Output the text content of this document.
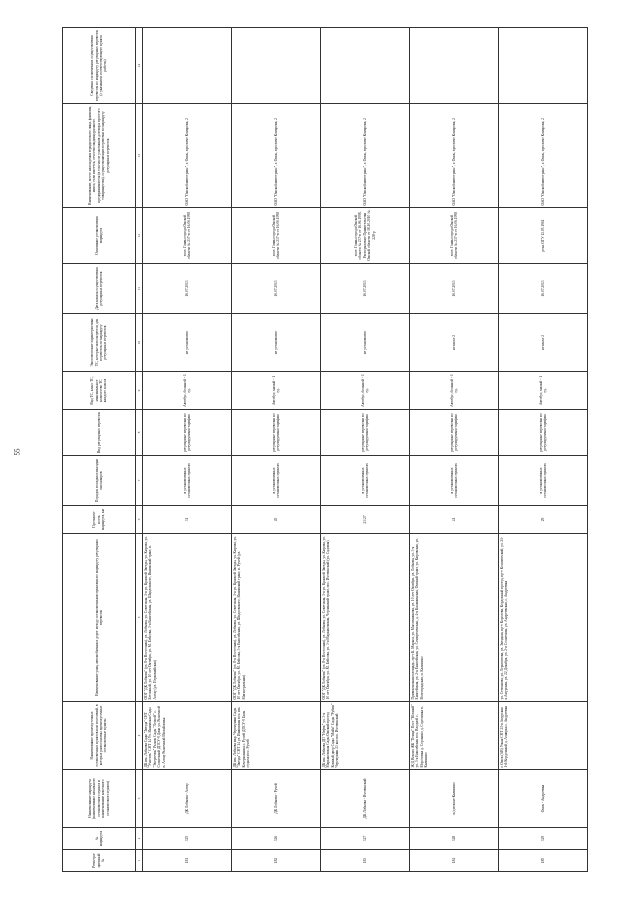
55
Регистра-ционный №	№ маршрута	Наименование маршрута (наименование начального остановочного пункта и наименование конечного остановочного пункта)	Наименование промежуточных остановочных пунктов или поселений, в которых расположены промежуточные остановочные пункты	Наименование улиц, автомобильных дорог между остановочными пунктами по маршруту регулярных перевозок	Протяжен-ность маршрута, км	Порядок посадки и высадки пассажиров	Вид регулярных перевозок	Вид ТС, класс ТС, максимальное количество ТС каждого класса	Экологические характеристики ТС, которые используются для перевозок по маршруту регулярных перевозок	Дата начала осуществления регулярных перевозок	Основание установления маршрута	Наименование, место нахождения юридического лица, фамилия, имя и, если имеется, отчество индивидуального предпринимателя (в том числе участников договора простого товарищества), осуществляющих перевозки по маршруту регулярных перевозок	Сведения о изменениях осуществления перевозок по маршруту регулярных перевозок (с указанием соответствующего пункта работы)
1	2	3	4	5	6	7	8	9	10	11	12	13	14
181	325	ДК Лобкова - Алтау	ДК им. Лобкова Сады "Звезда" СНТ "Учитель" СНТ 14 Ул. Ишимская Сады "Энергетик" Рынок Сады "Лесной" с. Солнечный ДПСУ-9 Дачи ул. Рыночной п. Алтау Рыночный Михайловка	ООГ "ДК Лобкова" (ул. 8-я Восточная), ул. Лобкова, ул. Советская, 1-я ул. Красной Звезды, ул. Кирова, ул. Бетонный, ул. 10 лет Октября, ул. М. Бейсова, 3-я Енисейская, ул. Шидловского, Ишимский тракт, п. Алтау (ул. Первомайская)	31	в установленных остановочных пунктах	регулярные перевозки по регулируемым тарифам	Автобус, большой - 1 ед.	не установлено	16.07.2013	пост. Главы города Омской области № 237-п от 16.06.1998	ОАО "Омскоблавтотранс", г. Омск, проспект Комарова, 2	
182	326	ДК Лобкова - Ручей	ДК им. Лобкова мкр. Черемушки Сады "Звезда" СНТ 14 ул. Ишимская пос. им. Кочерыжкина с. Ручей ДПСУ-9 Базы отдыха пос. Ручей	ООГ "ДК Лобкова" (ул. 8-я Восточная), ул. Лобкова, ул. Советская, 1-я ул. Красной Звезды, ул. Кирова, ул. 10 лет Октября, ул. М. Бейсова, 3-я Енисейская, ул. Шидловского, Ишимский тракт, п. Ручей (ул. Магистральная)	45	в установленных остановочных пунктах	регулярные перевозки по регулируемым тарифам	Автобус, малый - 1 ед.	не установлено	16.07.2013	пост. Главы города Омской области № 237-п от 16.06.1998	ОАО "Омскоблавтотранс", г. Омск, проспект Комарова, 2	
183	327	ДК Лобкова - Ичтеинский	ДК им. Лобкова ДП "Нефть" ул. 3-я Марьяновская Сады Омский проезд Конный двор Сады "Майя" Сады "Рубин" Черемушки 23 км пос. Ичтеинский	ООГ "ДК Лобкова" (ул. 8-я Восточная), ул. Лобкова, ул. Советская, 1-я ул. Красной Звезды, ул. Кирова, ул. 10 лет Октября, ул. М. Бейсова, ул. 3-я Марьяновская, Черлакский тракт, пос. Ичтеинский (ул. Садовая)	23/27	в установленных остановочных пунктах	регулярные перевозки по регулируемым тарифам	Автобус, большой - 1 ед.	не установлено	16.07.2013	пост. Главы города Омской области № 237-п от 16.06.1998, Распоряжение Правительства Омской области от 18.10.2010 № 228-р	ОАО "Омскоблавтотранс", г. Омск, проспект Комарова, 2	
184	328	ж/д вокзал-Калинино	Ж/Д Вокзал ЖК "Птица" Пост "Южный" ул. 3-я Енисейская пос. Входной с. Морозовка д. Сорокино д. Сорочинка п. Калинино	Привокзальная площадь, пр-т К. Маркса, ул. Масленникова, ул. 10 лет Октября, ул. Лобкова, ул. 3-я Енисейская, ул. 2-я Енисейская, ул. Семиреченская, д. 4-я Калининская, Омский тракт, ул. Кировская, ул. Волгоградская, п. Калинино	41	в установленных остановочных пунктах	регулярные перевозки по регулируемым тарифам	Автобус, большой - 1 ед.	не ниже 2	16.07.2013	пост. Главы города Омской области № 237-п от 16.06.1998	ОАО "Омскоблавтотранс", г. Омск, проспект Комарова, 2	
185	329	Омск - Андреевка	г. Омск (АВ) Узкая СНТ 21-я Амурская 1-й Кордонный д. Ачаирка с. Андреевка	ул. Степанова, ул. Лермонтова, ул. Звездная, пр-т Королева, Кордонный проезд, пр-т Космический, ул. 21-я Амурская, ул. 22 Декабря, ул. 2-я Солнечная, ул. Андреевская, с. Андреевка	29	в установленных остановочных пунктах	регулярные перевозки по регулируемым тарифам	Автобус, малый - 1 ед.	не ниже 2	16.07.2013	реш. ОГУ 11.05.1961	ОАО "Омскоблавтотранс", г. Омск, проспект Комарова, 2	
